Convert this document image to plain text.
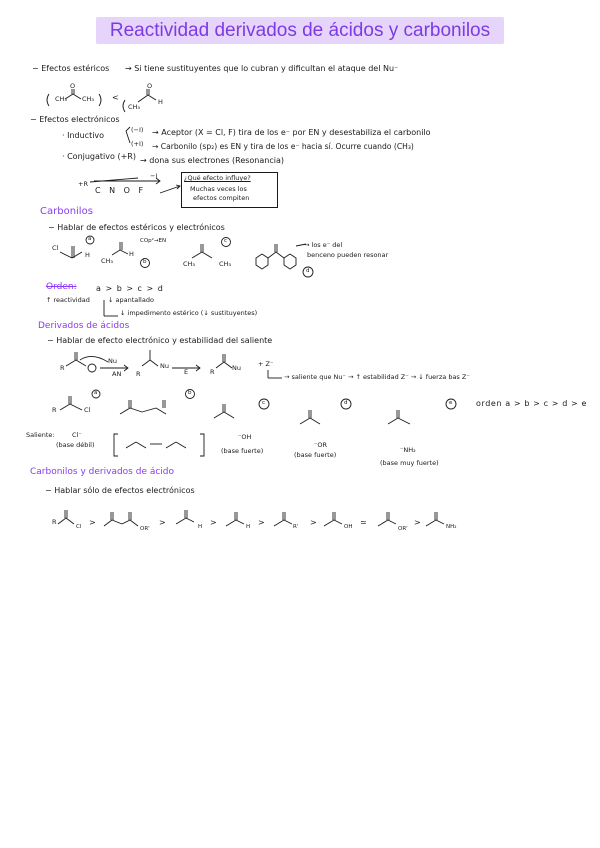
Reactividad derivados de ácidos y carbonilos
− Efectos estéricos → Si tiene sustituyentes que lo cubran y dificultan el ataque del Nu⁻
CH₃ CH₃
O
<
CH₃
O
H
− Efectos electrónicos
· Inductivo
(−I)
(+I)
→ Aceptor (X = Cl, F) tira de los e⁻ por EN y desestabiliza el carbonilo
→ Carbonilo (sp₂) es EN y tira de los e⁻ hacia sí. Ocurre cuando (CH₃)
· Conjugativo (+R) → dona sus electrones (Resonancia)
+R
−I
C N O F
¿Qué efecto influye?
Muchas veces los
efectos compiten
Carbonilos
− Hablar de efectos estéricos y electrónicos
COp²→EN	→ los e⁻ del
benceno pueden resonar
Cl
H
CH₃
H
CH₃	CH₃
Orden: a > b > c > d
↑ reactividad	↓ apantallado
↓ impedimento estérico (↓ sustituyentes)
Derivados de ácidos
− Hablar de efecto electrónico y estabilidad del saliente
R
Nu
AN R
Nu
E	R	Nu	+ Z⁻
→ saliente que Nu⁻ → ↑ estabilidad Z⁻ → ↓ fuerza bas Z⁻
R	Cl
orden a > b > c > d > e
Saliente:	Cl⁻
(base débil)
⁻OH
(base fuerte)
⁻OR
(base fuerte)
⁻NH₂
(base muy fuerte)
Carbonilos y derivados de ácido
− Hablar sólo de efectos electrónicos
R
Cl >
OR'
>	H >	H >	R' >	OH ≃
OR'
>	NH₂
a
b
c
d
a	b
c	d	e
